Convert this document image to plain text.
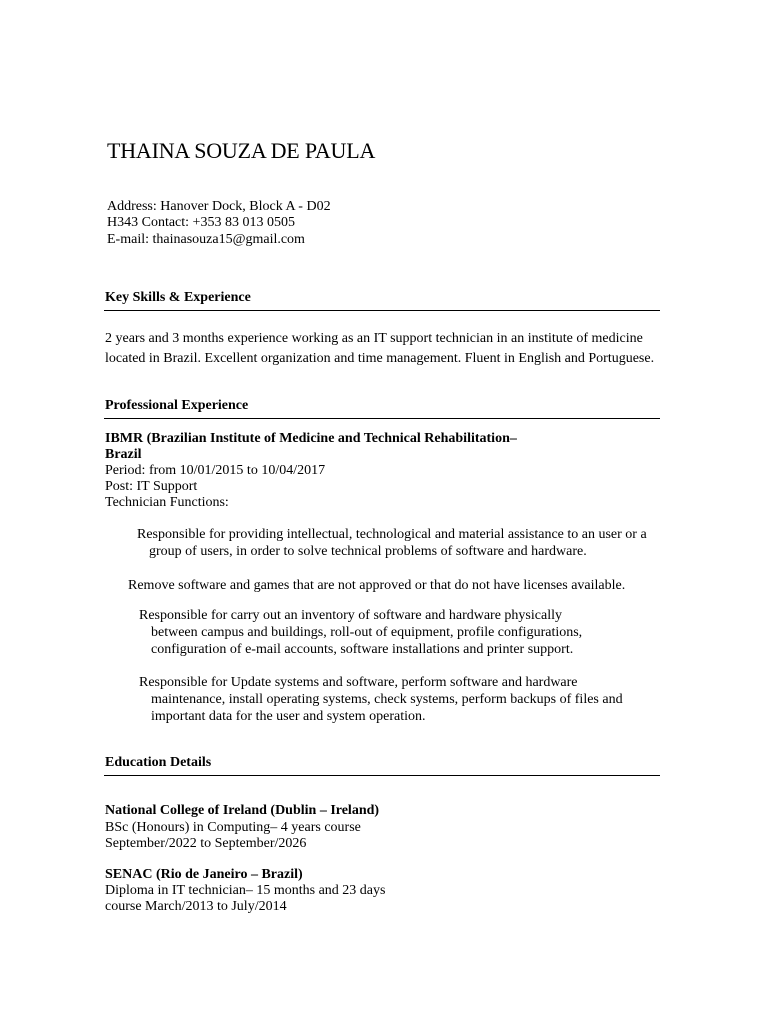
THAINA SOUZA DE PAULA
Address: Hanover Dock, Block A - D02
H343 Contact: +353 83 013 0505
E-mail: thainasouza15@gmail.com
Key Skills & Experience
2 years and 3 months experience working as an IT support technician in an institute of medicine located in Brazil. Excellent organization and time management. Fluent in English and Portuguese.
Professional Experience
IBMR (Brazilian Institute of Medicine and Technical Rehabilitation–
Brazil
Period: from 10/01/2015 to 10/04/2017
Post: IT Support
Technician Functions:
Responsible for providing intellectual, technological and material assistance to an user or a
group of users, in order to solve technical problems of software and hardware.
Remove software and games that are not approved or that do not have licenses available.
Responsible for carry out an inventory of software and hardware physically
between campus and buildings, roll-out of equipment, profile configurations, configuration of e-mail accounts, software installations and printer support.
Responsible for Update systems and software, perform software and hardware
maintenance, install operating systems, check systems, perform backups of files and important data for the user and system operation.
Education Details
National College of Ireland (Dublin – Ireland)
BSc (Honours) in Computing– 4 years course
September/2022 to September/2026
SENAC (Rio de Janeiro – Brazil)
Diploma in IT technician– 15 months and 23 days
course March/2013 to July/2014
